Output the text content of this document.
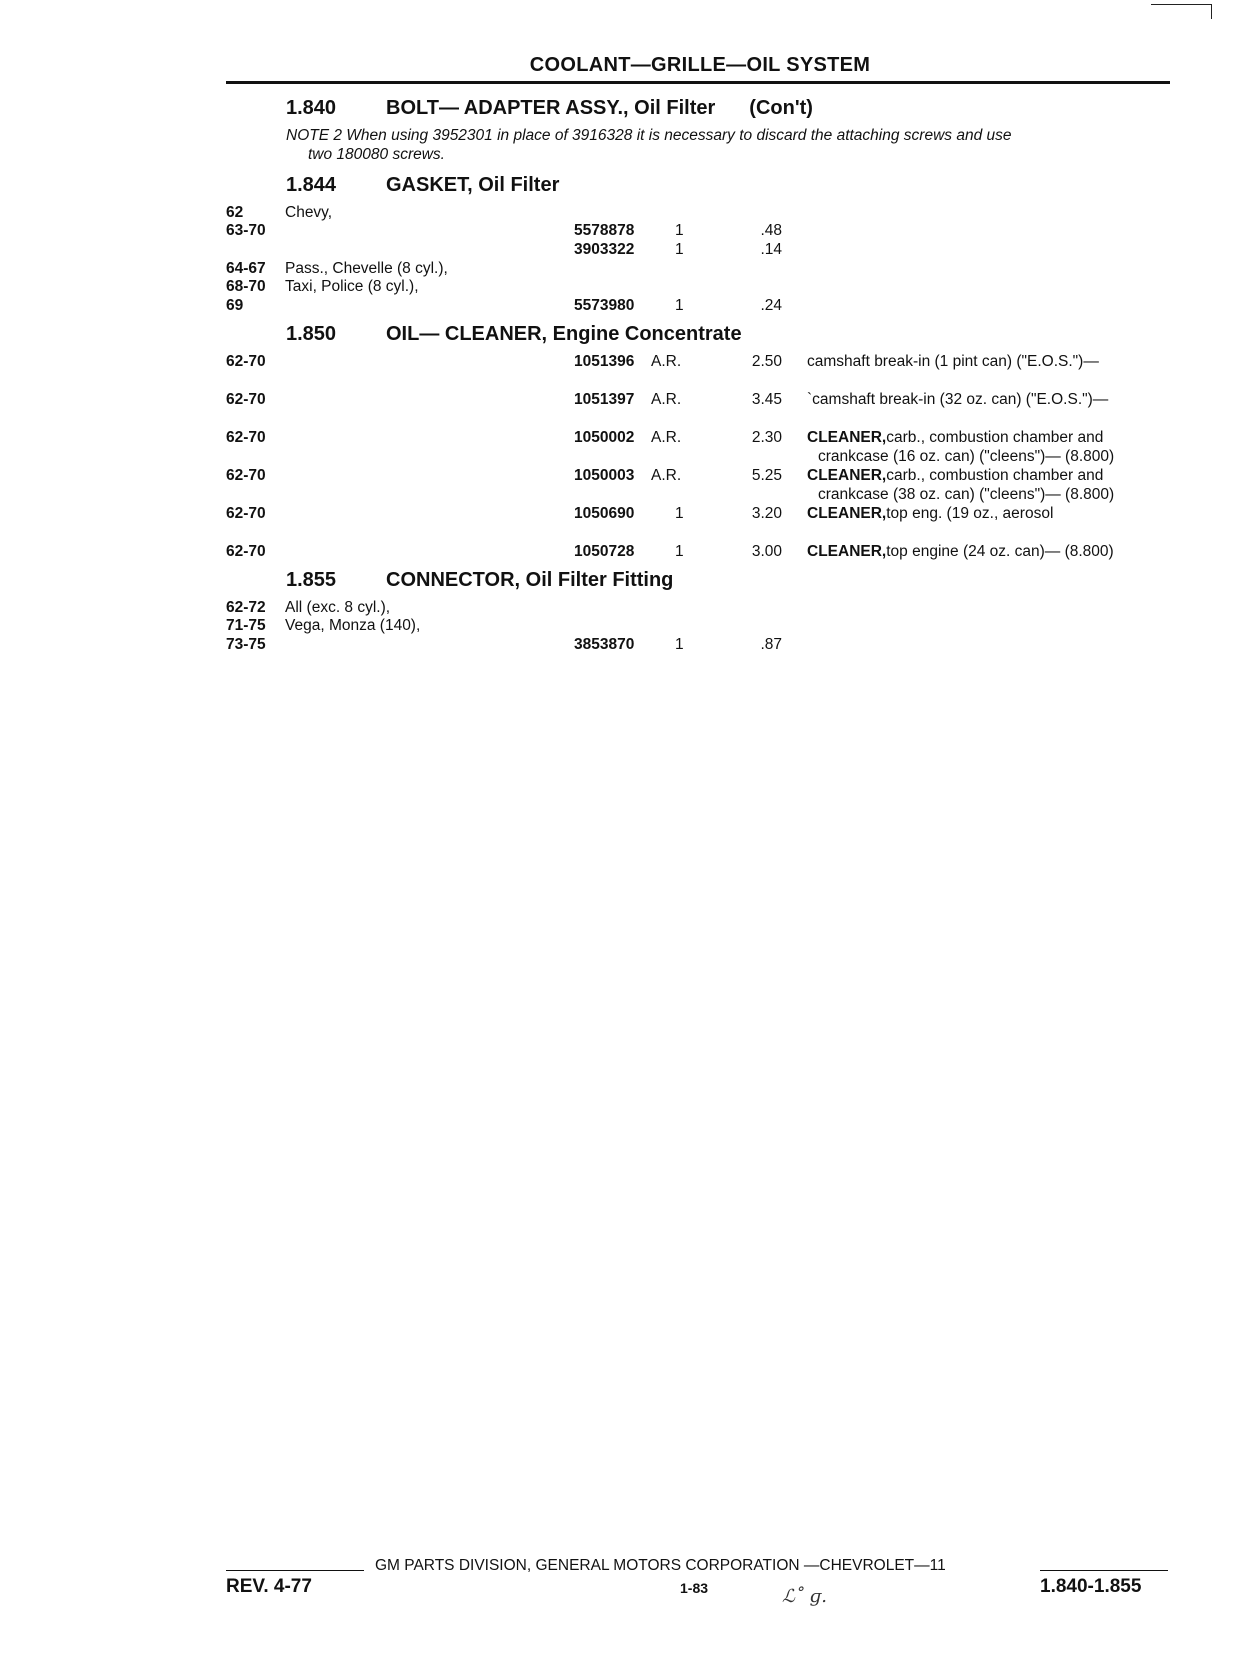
COOLANT—GRILLE—OIL SYSTEM
1.840 BOLT— ADAPTER ASSY., Oil Filter (Con't)
NOTE 2 When using 3952301 in place of 3916328 it is necessary to discard the attaching screws and use
two 180080 screws.
1.844 GASKET, Oil Filter
62	Chevy,
63-70	5578878	1	.48
3903322	1	.14
64-67 Pass., Chevelle (8 cyl.),
68-70 Taxi, Police (8 cyl.),
69	5573980	1	.24
1.850 OIL— CLEANER, Engine Concentrate
62-70	1051396 A.R.	2.50 camshaft break-in (1 pint can) ("E.O.S.")—
62-70	1051397 A.R.	3.45 `camshaft break-in (32 oz. can) ("E.O.S.")—
62-70	1050002 A.R.	2.30 CLEANER, carb., combustion chamber and
crankcase (16 oz. can) ("cleens")— (8.800)
62-70	1050003 A.R.	5.25 CLEANER, carb., combustion chamber and
crankcase (38 oz. can) ("cleens")— (8.800)
62-70	1050690	1	3.20 CLEANER, top eng. (19 oz., aerosol
62-70	1050728	1	3.00 CLEANER, top engine (24 oz. can)— (8.800)
1.855 CONNECTOR, Oil Filter Fitting
62-72 All (exc. 8 cyl.),
71-75 Vega, Monza (140),
73-75	3853870	1	.87
GM PARTS DIVISION, GENERAL MOTORS CORPORATION —CHEVROLET—11
REV. 4-77	1-83	ℒ˚ ɡ.	1.840-1.855
